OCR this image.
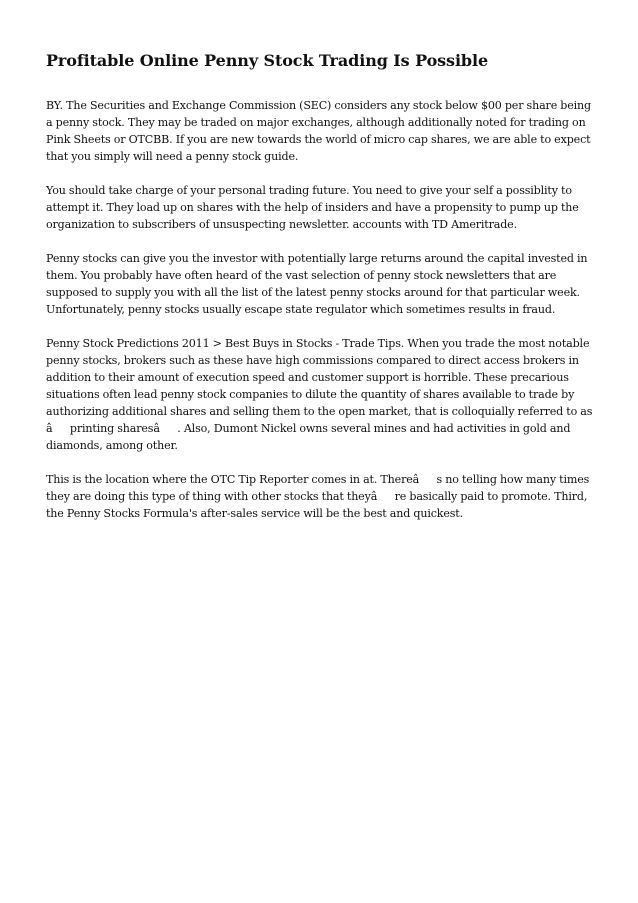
Profitable Online Penny Stock Trading Is Possible

BY. The Securities and Exchange Commission (SEC) considers any stock below $00 per share being a penny stock. They may be traded on major exchanges, although additionally noted for trading on Pink Sheets or OTCBB. If you are new towards the world of micro cap shares, we are able to expect that you simply will need a penny stock guide.

You should take charge of your personal trading future. You need to give your self a possiblity to attempt it. They load up on shares with the help of insiders and have a propensity to pump up the organization to subscribers of unsuspecting newsletter. accounts with TD Ameritrade.

Penny stocks can give you the investor with potentially large returns around the capital invested in them. You probably have often heard of the vast selection of penny stock newsletters that are supposed to supply you with all the list of the latest penny stocks around for that particular week. Unfortunately, penny stocks usually escape state regulator which sometimes results in fraud.

Penny Stock Predictions 2011 > Best Buys in Stocks - Trade Tips. When you trade the most notable penny stocks, brokers such as these have high commissions compared to direct access brokers in addition to their amount of execution speed and customer support is horrible. These precarious situations often lead penny stock companies to dilute the quantity of shares available to trade by authorizing additional shares and selling them to the open market, that is colloquially referred to as âprinting sharesâ. Also, Dumont Nickel owns several mines and had activities in gold and diamonds, among other.

This is the location where the OTC Tip Reporter comes in at. Thereâs no telling how many times they are doing this type of thing with other stocks that theyâre basically paid to promote. Third, the Penny Stocks Formula's after-sales service will be the best and quickest.
